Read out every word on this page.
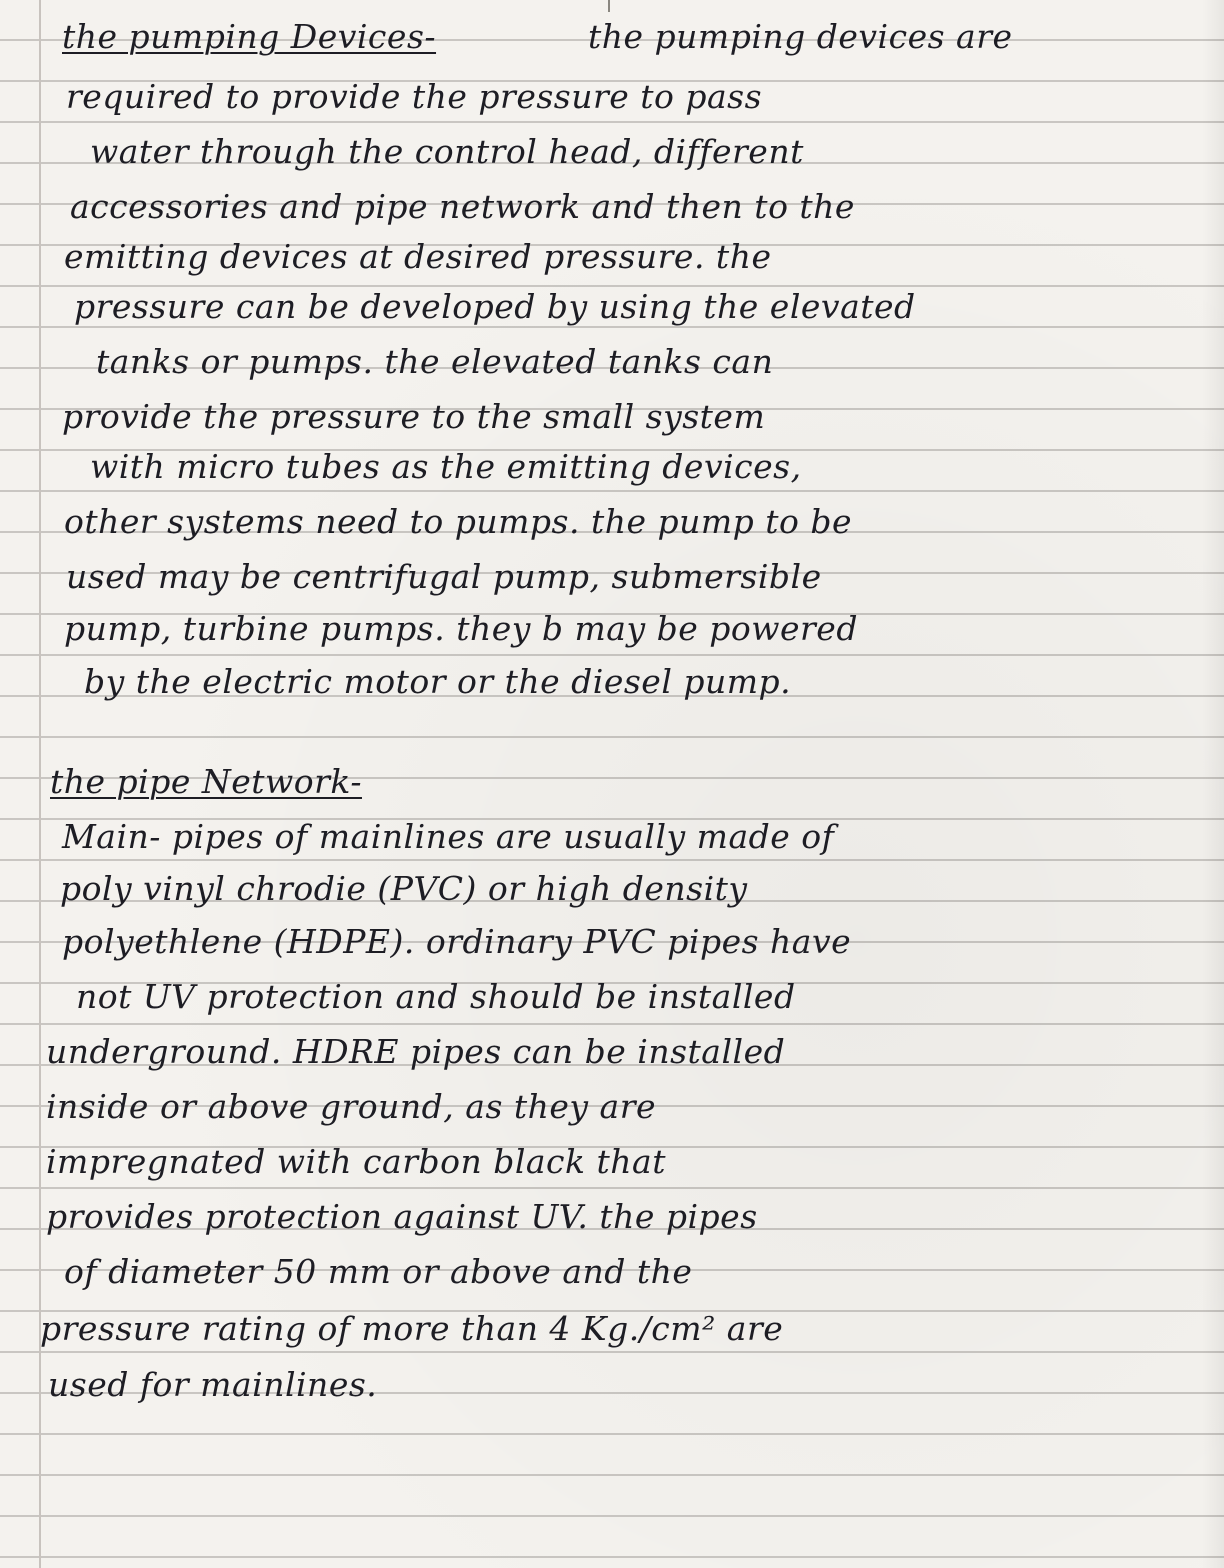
the pumping Devices-	the pumping devices are
required to provide the pressure to pass
water through the control head, different
accessories and pipe network and then to the
emitting devices at desired pressure. the
pressure can be developed by using the elevated
tanks or pumps. the elevated tanks can
provide the pressure to the small system
with micro tubes as the emitting devices,
other systems need to pumps. the pump to be
used may be centrifugal pump, submersible
pump, turbine pumps. they b may be powered
by the electric motor or the diesel pump.
the pipe Network-
Main- pipes of mainlines are usually made of
poly vinyl chrodie (PVC) or high density
polyethlene (HDPE). ordinary PVC pipes have
not UV protection and should be installed
underground. HDRE pipes can be installed
inside or above ground, as they are
impregnated with carbon black that
provides protection against UV. the pipes
of diameter 50 mm or above and the
pressure rating of more than 4 Kg./cm² are
used for mainlines.
